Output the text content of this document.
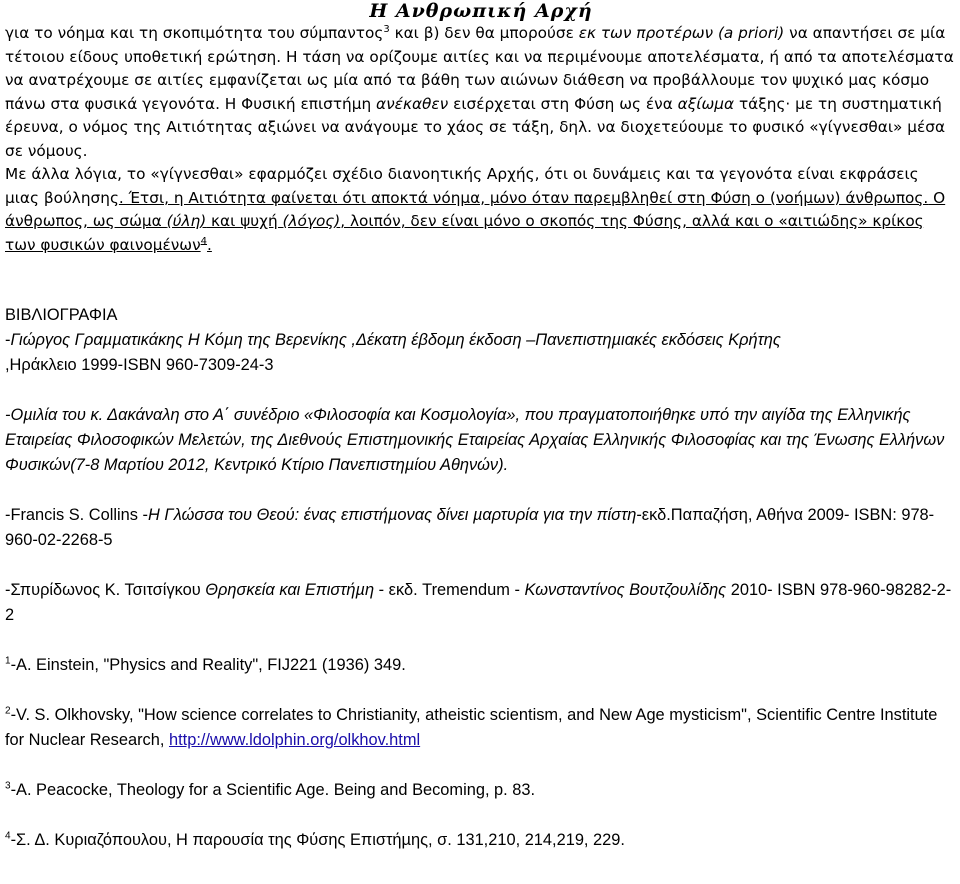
Η Ανθρωπική Αρχή

για το νόηµα και τη σκοπιµότητα του σύµπαντος$^3$ και β) δεν θα µπορούσε εκ των προτέρων (a priori) να απαντήσει σε µία τέτοιου είδους υποθετική ερώτηση. Η τάση να ορίζουµε αιτίες και να περιµένουµε αποτελέσµατα, ή από τα αποτελέσµατα να ανατρέχουµε σε αιτίες εµφανίζεται ως µία από τα βάθη των αιώνων διάθεση να προβάλλουµε τον ψυχικό µας κόσµο πάνω στα φυσικά γεγονότα. Η Φυσική επιστήµη ανέκαθεν εισέρχεται στη Φύση ως ένα αξίωµα τάξης· µε τη συστηµατική έρευνα, ο νόµος της Αιτιότητας αξιώνει να ανάγουµε το χάος σε τάξη, δηλ. να διοχετεύουµε το φυσικό «γίγνεσθαι» µέσα σε νόµους.

Με άλλα λόγια, το «γίγνεσθαι» εφαρµόζει σχέδιο διανοητικής Αρχής, ότι οι δυνάµεις και τα γεγονότα είναι εκφράσεις µιας βούλησης. Έτσι, η Αιτιότητα φαίνεται ότι αποκτά νόηµα, µόνο όταν παρεµβληθεί στη Φύση ο (νοήµων) άνθρωπος. Ο άνθρωπος, ως σώµα (ύλη) και ψυχή (λόγος), λοιπόν, δεν είναι µόνο ο σκοπός της Φύσης, αλλά και ο «αιτιώδης» κρίκος των φυσικών φαινοµένων$^4$.

ΒΙΒΛΙΟΓΡΑΦΙΑ

-Γιώργος Γραµµατικάκης Η Κόµη της Βερενίκης ,Δέκατη έβδοµη έκδοση –Πανεπιστηµιακές εκδόσεις Κρήτης
,Ηράκλειο 1999-ISBN 960-7309-24-3

-Οµιλία του κ. Δακάναλη στο Α΄ συνέδριο «Φιλοσοφία και Κοσµολογία», που πραγµατοποιήθηκε υπό την αιγίδα της Ελληνικής Εταιρείας Φιλοσοφικών Μελετών, της Διεθνούς Επιστηµονικής Εταιρείας Αρχαίας Ελληνικής Φιλοσοφίας και της Ένωσης Ελλήνων Φυσικών(7-8 Μαρτίου 2012, Κεντρικό Κτίριο Πανεπιστηµίου Αθηνών).

-Francis S. Collins -Η Γλώσσα του Θεού: ένας επιστήµονας δίνει µαρτυρία για την πίστη-εκδ.Παπαζήση, Αθήνα 2009- ISBN: 978-960-02-2268-5

-Σπυρίδωνος Κ. Τσιτσίγκου Θρησκεία και Επιστήµη - εκδ. Tremendum - Κωνσταντίνος Βουτζουλίδης 2010- ISBN 978-960-98282-2-2

$^1$-A. Einstein, "Physics and Reality", FIJ221 (1936) 349.

$^2$-V. S. Olkhovsky, "How science correlates to Christianity, atheistic scientism, and New Age mysticism", Scientific Centre Institute for Nuclear Research, http://www.ldolphin.org/olkhov.html

$^3$-A. Peacocke, Theology for a Scientific Age. Being and Becoming, p. 83.

$^4$-Σ. Δ. Κυριαζόπουλου, Η παρουσία της Φύσης Επιστήµης, σ. 131,210, 214,219, 229.
